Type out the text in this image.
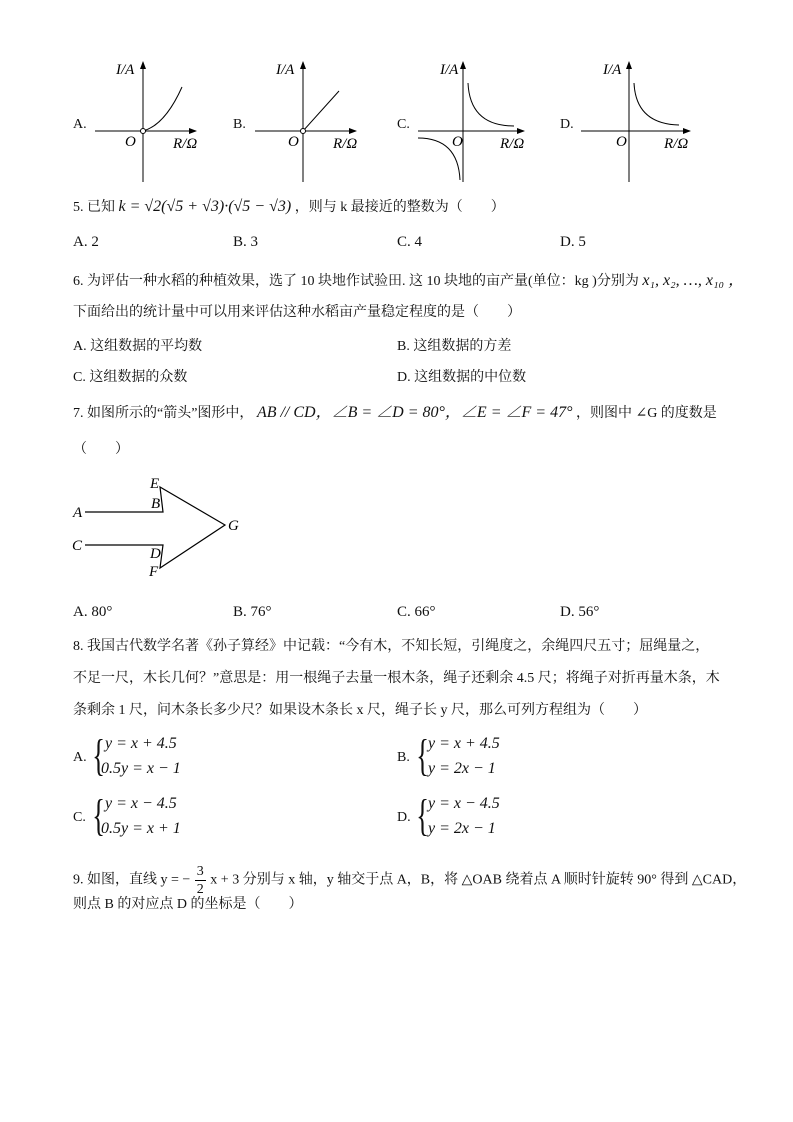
A.	B.	C.	D.
I/A
O R/Ω
I/A
O R/Ω
I/A
O R/Ω
I/A
O R/Ω
5. 已知 k = √2(√5 + √3)·(√5 − √3) ，则与 k 最接近的整数为（　　）
A. 2	B. 3	C. 4	D. 5
6. 为评估一种水稻的种植效果，选了 10 块地作试验田. 这 10 块地的亩产量(单位：kg )分别为 x₁, x₂, …, x₁₀ ，
下面给出的统计量中可以用来评估这种水稻亩产量稳定程度的是（　　）
A. 这组数据的平均数	B. 这组数据的方差
C. 这组数据的众数	D. 这组数据的中位数
7. 如图所示的“箭头”图形中， AB // CD，∠B = ∠D = 80°，∠E = ∠F = 47° ，则图中 ∠G 的度数是
（　　）
A
B
E
G
C	D
F
A. 80°	B. 76°	C. 66°	D. 56°
8. 我国古代数学名著《孙子算经》中记载：“今有木，不知长短，引绳度之，余绳四尺五寸；屈绳量之，
不足一尺，木长几何？”意思是：用一根绳子去量一根木条，绳子还剩余 4.5 尺；将绳子对折再量木条，木
条剩余 1 尺，问木条长多少尺？如果设木条长 x 尺，绳子长 y 尺，那么可列方程组为（　　）
A. { y = x + 4.5
0.5y = x − 1
B. { y = x + 4.5
y = 2x − 1
C. { y = x − 4.5
0.5y = x + 1
D. { y = x − 4.5
y = 2x − 1
9. 如图，直线 y = − $\frac{3}{2}$ x + 3 分别与 x 轴，y 轴交于点 A，B，将 △OAB 绕着点 A 顺时针旋转 90° 得到 △CAD，
则点 B 的对应点 D 的坐标是（　　）
